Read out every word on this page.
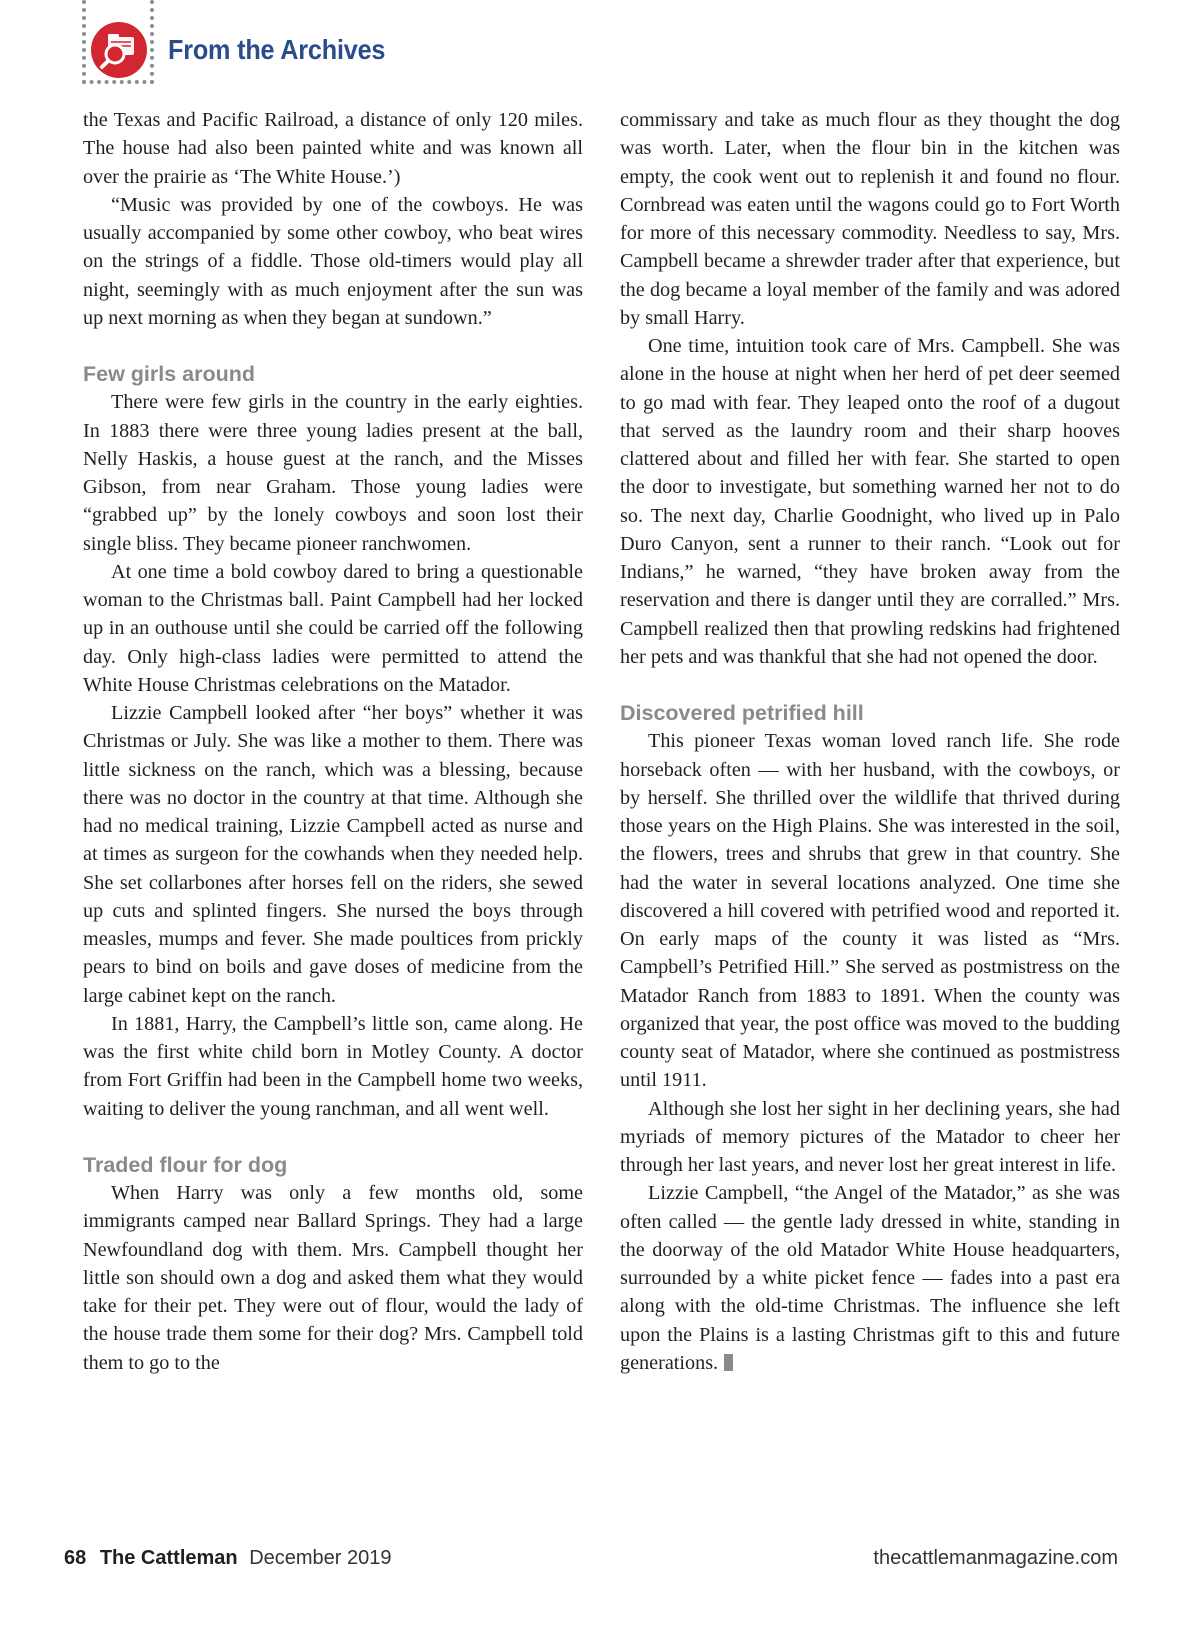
From the Archives

the Texas and Pacific Railroad, a distance of only 120 miles. The house had also been painted white and was known all over the prairie as ‘The White House.’)

“Music was provided by one of the cowboys. He was usually accompanied by some other cowboy, who beat wires on the strings of a fiddle. Those old-timers would play all night, seemingly with as much enjoyment after the sun was up next morning as when they began at sundown.”

Few girls around

There were few girls in the country in the early eighties. In 1883 there were three young ladies present at the ball, Nelly Haskis, a house guest at the ranch, and the Misses Gibson, from near Graham. Those young ladies were “grabbed up” by the lonely cowboys and soon lost their single bliss. They became pioneer ranchwomen.

At one time a bold cowboy dared to bring a questionable woman to the Christmas ball. Paint Campbell had her locked up in an outhouse until she could be carried off the following day. Only high-class ladies were permitted to attend the White House Christmas celebrations on the Matador.

Lizzie Campbell looked after “her boys” whether it was Christmas or July. She was like a mother to them. There was little sickness on the ranch, which was a blessing, because there was no doctor in the country at that time. Although she had no medical training, Lizzie Campbell acted as nurse and at times as surgeon for the cowhands when they needed help. She set collarbones after horses fell on the riders, she sewed up cuts and splinted fingers. She nursed the boys through measles, mumps and fever. She made poultices from prickly pears to bind on boils and gave doses of medicine from the large cabinet kept on the ranch.

In 1881, Harry, the Campbell’s little son, came along. He was the first white child born in Motley County. A doctor from Fort Griffin had been in the Campbell home two weeks, waiting to deliver the young ranchman, and all went well.

Traded flour for dog

When Harry was only a few months old, some immigrants camped near Ballard Springs. They had a large Newfoundland dog with them. Mrs. Campbell thought her little son should own a dog and asked them what they would take for their pet. They were out of flour, would the lady of the house trade them some for their dog? Mrs. Campbell told them to go to the

commissary and take as much flour as they thought the dog was worth. Later, when the flour bin in the kitchen was empty, the cook went out to replenish it and found no flour. Cornbread was eaten until the wagons could go to Fort Worth for more of this necessary commodity. Needless to say, Mrs. Campbell became a shrewder trader after that experience, but the dog became a loyal member of the family and was adored by small Harry.

One time, intuition took care of Mrs. Campbell. She was alone in the house at night when her herd of pet deer seemed to go mad with fear. They leaped onto the roof of a dugout that served as the laundry room and their sharp hooves clattered about and filled her with fear. She started to open the door to investigate, but something warned her not to do so. The next day, Charlie Goodnight, who lived up in Palo Duro Canyon, sent a runner to their ranch. “Look out for Indians,” he warned, “they have broken away from the reservation and there is danger until they are corralled.” Mrs. Campbell realized then that prowling redskins had frightened her pets and was thankful that she had not opened the door.

Discovered petrified hill

This pioneer Texas woman loved ranch life. She rode horseback often — with her husband, with the cowboys, or by herself. She thrilled over the wildlife that thrived during those years on the High Plains. She was interested in the soil, the flowers, trees and shrubs that grew in that country. She had the water in several locations analyzed. One time she discovered a hill covered with petrified wood and reported it. On early maps of the county it was listed as “Mrs. Campbell’s Petrified Hill.” She served as postmistress on the Matador Ranch from 1883 to 1891. When the county was organized that year, the post office was moved to the budding county seat of Matador, where she continued as postmistress until 1911.

Although she lost her sight in her declining years, she had myriads of memory pictures of the Matador to cheer her through her last years, and never lost her great interest in life.

Lizzie Campbell, “the Angel of the Matador,” as she was often called — the gentle lady dressed in white, standing in the doorway of the old Matador White House headquarters, surrounded by a white picket fence — fades into a past era along with the old-time Christmas. The influence she left upon the Plains is a lasting Christmas gift to this and future generations.

68 The Cattleman December 2019	thecattlemanmagazine.com
